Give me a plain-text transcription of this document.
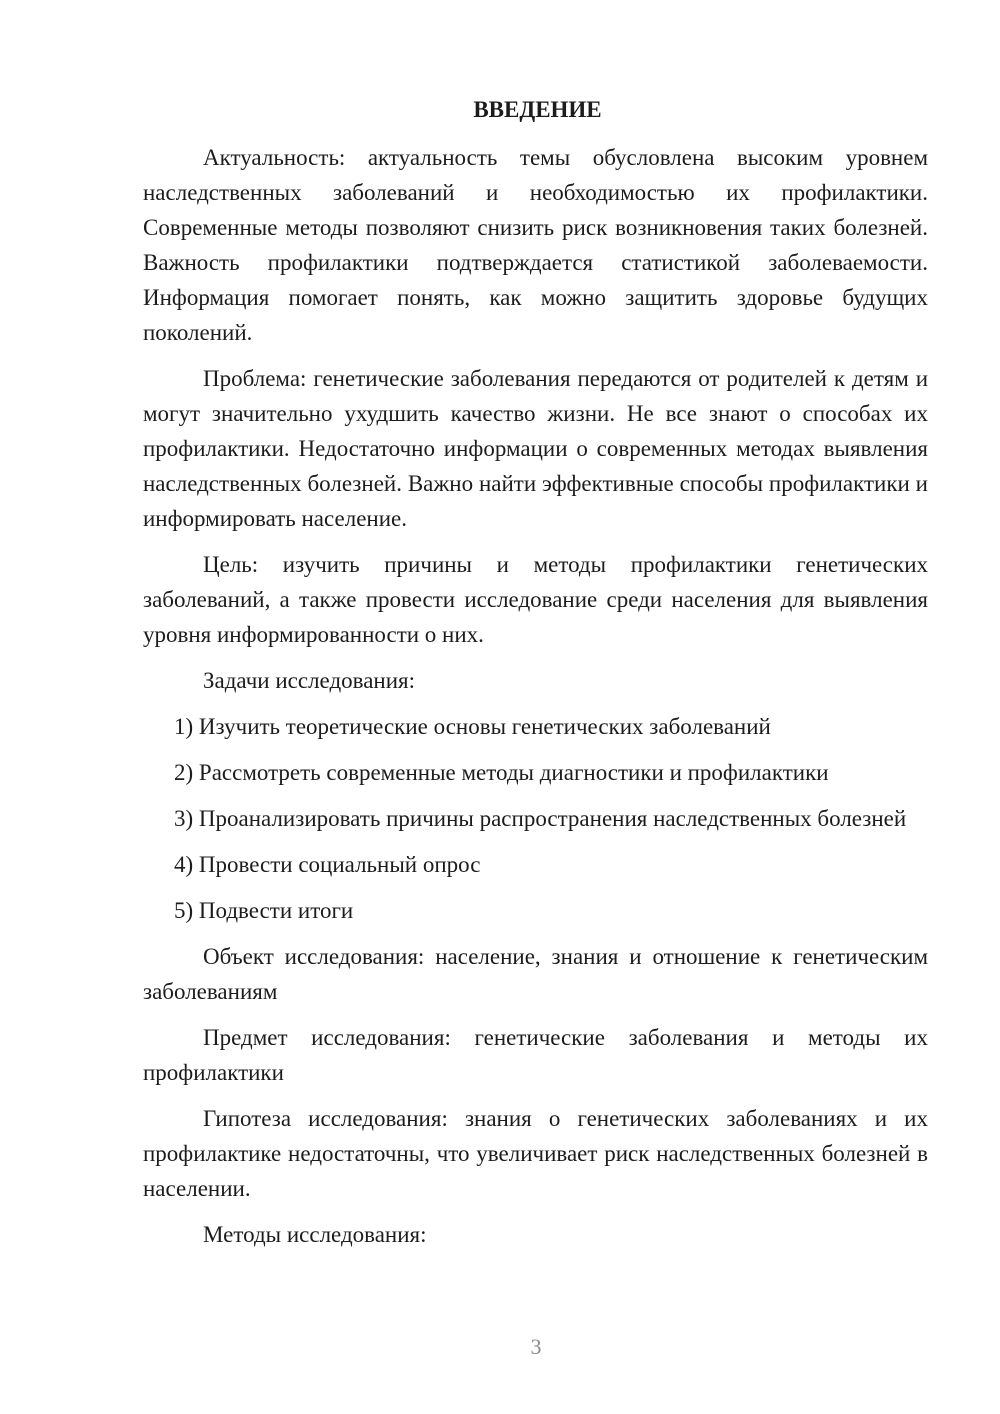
ВВЕДЕНИЕ

Актуальность: актуальность темы обусловлена высоким уровнем наследственных заболеваний и необходимостью их профилактики. Современные методы позволяют снизить риск возникновения таких болезней. Важность профилактики подтверждается статистикой заболеваемости. Информация помогает понять, как можно защитить здоровье будущих поколений.

Проблема: генетические заболевания передаются от родителей к детям и могут значительно ухудшить качество жизни. Не все знают о способах их профилактики. Недостаточно информации о современных методах выявления наследственных болезней. Важно найти эффективные способы профилактики и информировать население.

Цель: изучить причины и методы профилактики генетических заболеваний, а также провести исследование среди населения для выявления уровня информированности о них.

Задачи исследования:

1) Изучить теоретические основы генетических заболеваний

2) Рассмотреть современные методы диагностики и профилактики

3) Проанализировать причины распространения наследственных болезней

4) Провести социальный опрос

5) Подвести итоги

Объект исследования: население, знания и отношение к генетическим заболеваниям

Предмет исследования: генетические заболевания и методы их профилактики

Гипотеза исследования: знания о генетических заболеваниях и их профилактике недостаточны, что увеличивает риск наследственных болезней в населении.

Методы исследования:

3
